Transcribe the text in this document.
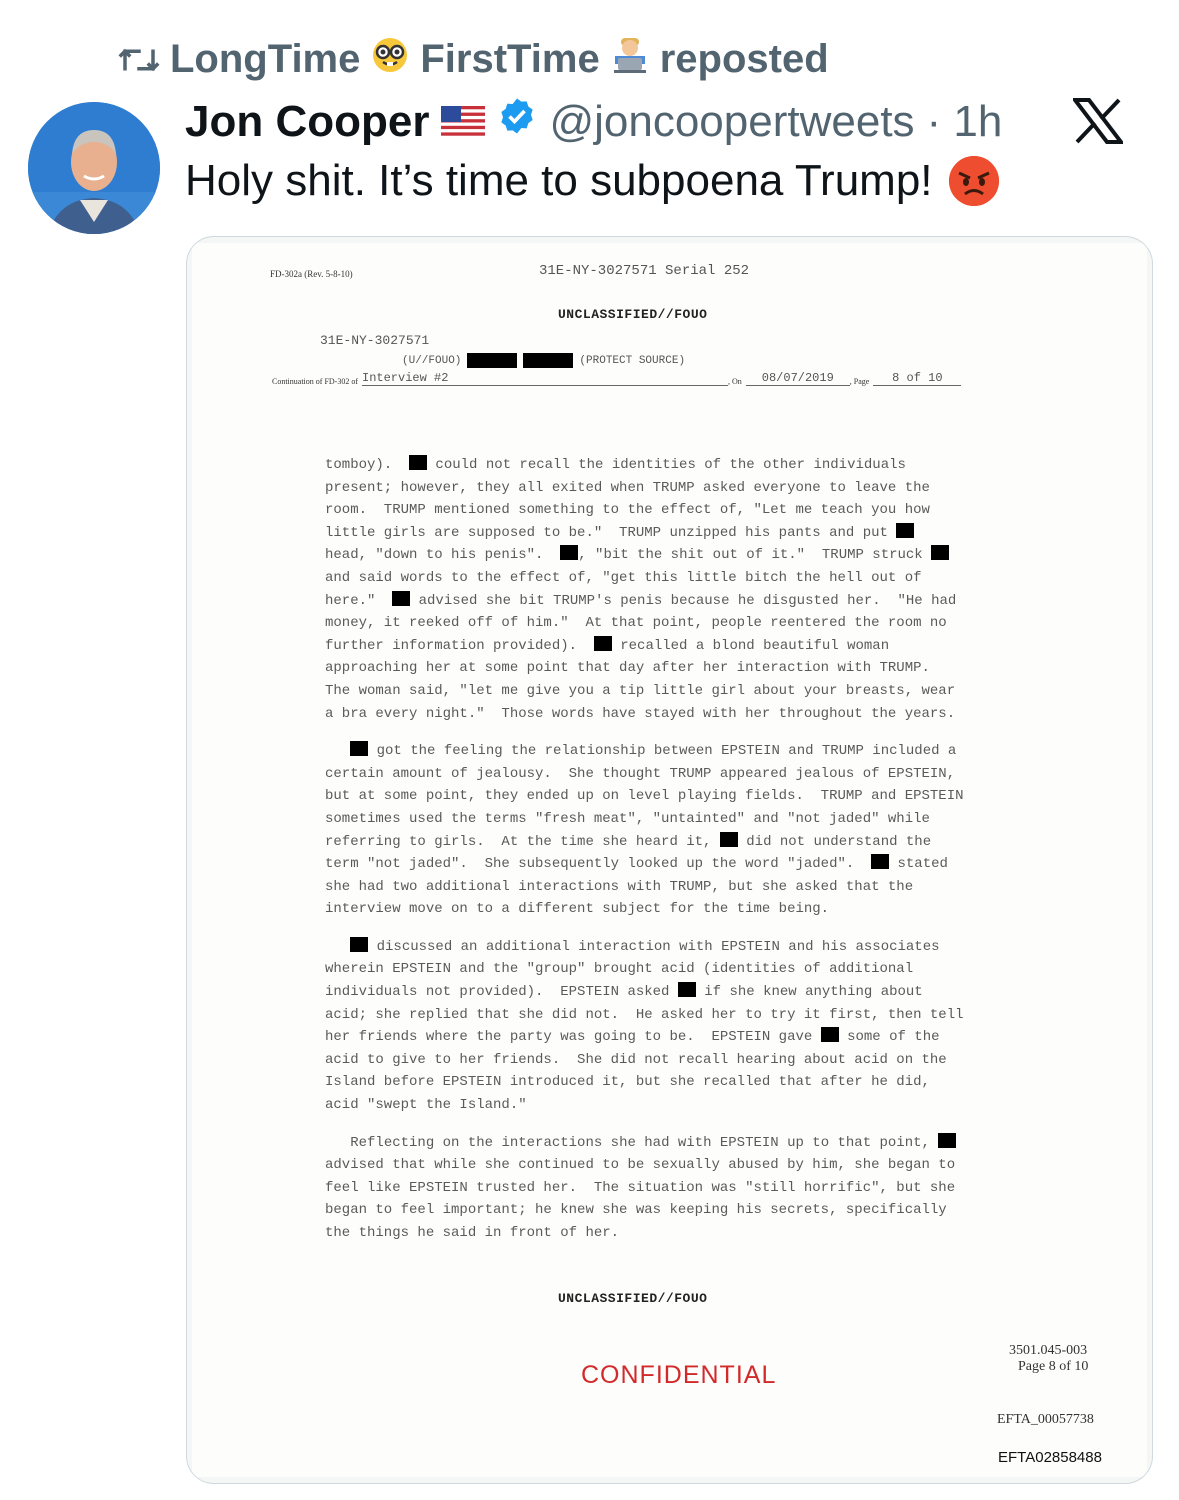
LongTime FirstTime reposted
Jon Cooper	@joncoopertweets · 1h
Holy shit. It’s time to subpoena Trump!
FD-302a (Rev. 5-8-10)	31E-NY-3027571 Serial 252
UNCLASSIFIED//FOUO
31E-NY-3027571
(U//FOUO)	(PROTECT SOURCE)
Continuation of FD-302 of Interview #2	, On	08/07/2019	, Page	8 of 10
tomboy).   could not recall the identities of the other individuals
present; however, they all exited when TRUMP asked everyone to leave the
room.  TRUMP mentioned something to the effect of, "Let me teach you how
little girls are supposed to be."  TRUMP unzipped his pants and put
head, "down to his penis".  , "bit the shit out of it."  TRUMP struck
and said words to the effect of, "get this little bitch the hell out of
here."   advised she bit TRUMP's penis because he disgusted her.  "He had
money, it reeked off of him."  At that point, people reentered the room no
further information provided).   recalled a blond beautiful woman
approaching her at some point that day after her interaction with TRUMP.
The woman said, "let me give you a tip little girl about your breasts, wear
a bra every night."  Those words have stayed with her throughout the years.
got the feeling the relationship between EPSTEIN and TRUMP included a
certain amount of jealousy.  She thought TRUMP appeared jealous of EPSTEIN,
but at some point, they ended up on level playing fields.  TRUMP and EPSTEIN
sometimes used the terms "fresh meat", "untainted" and "not jaded" while
referring to girls.  At the time she heard it,  did not understand the
term "not jaded".  She subsequently looked up the word "jaded".   stated
she had two additional interactions with TRUMP, but she asked that the
interview move on to a different subject for the time being.
discussed an additional interaction with EPSTEIN and his associates
wherein EPSTEIN and the "group" brought acid (identities of additional
individuals not provided).  EPSTEIN asked  if she knew anything about
acid; she replied that she did not.  He asked her to try it first, then tell
her friends where the party was going to be.  EPSTEIN gave  some of the
acid to give to her friends.  She did not recall hearing about acid on the
Island before EPSTEIN introduced it, but she recalled that after he did,
acid "swept the Island."
Reflecting on the interactions she had with EPSTEIN up to that point,
advised that while she continued to be sexually abused by him, she began to
feel like EPSTEIN trusted her.  The situation was "still horrific", but she
began to feel important; he knew she was keeping his secrets, specifically
the things he said in front of her.
UNCLASSIFIED//FOUO
CONFIDENTIAL
3501.045-003
Page 8 of 10
EFTA_00057738
EFTA02858488
